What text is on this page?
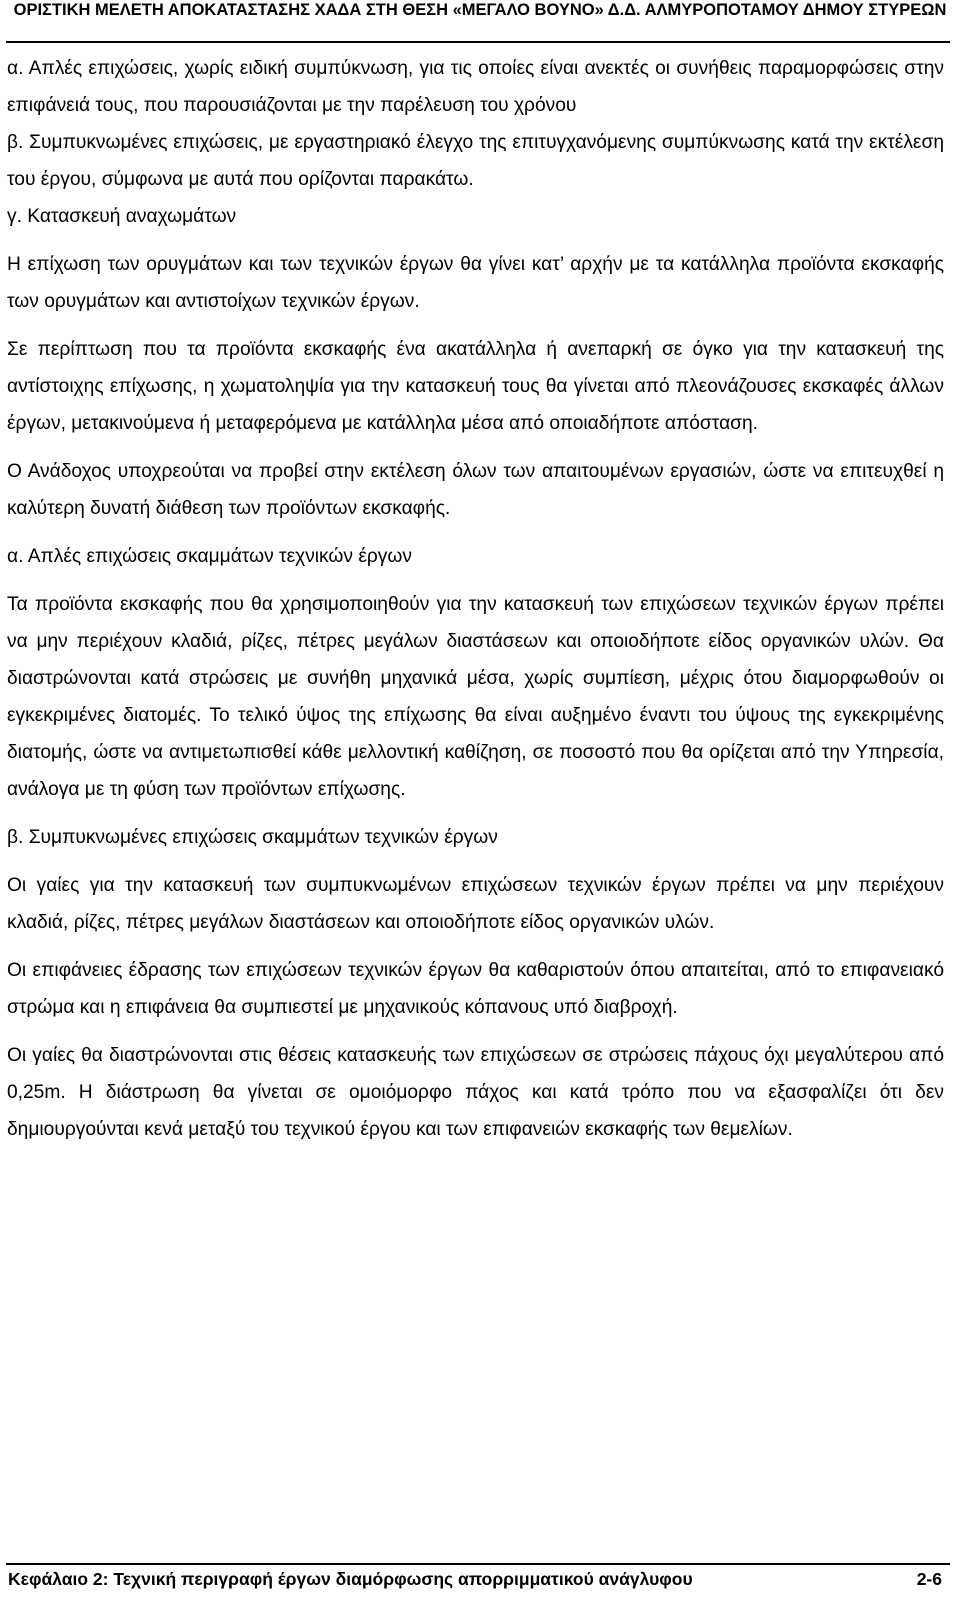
ΟΡΙΣΤΙΚΗ ΜΕΛΕΤΗ ΑΠΟΚΑΤΑΣΤΑΣΗΣ ΧΑΔΑ ΣΤΗ ΘΕΣΗ «ΜΕΓΑΛΟ ΒΟΥΝΟ» Δ.Δ. ΑΛΜΥΡΟΠΟΤΑΜΟΥ ΔΗΜΟΥ ΣΤΥΡΕΩΝ

α. Απλές επιχώσεις, χωρίς ειδική συμπύκνωση, για τις οποίες είναι ανεκτές οι συνήθεις παραμορφώσεις στην επιφάνειά τους, που παρουσιάζονται με την παρέλευση του χρόνου

β. Συμπυκνωμένες επιχώσεις, με εργαστηριακό έλεγχο της επιτυγχανόμενης συμπύκνωσης κατά την εκτέλεση του έργου, σύμφωνα με αυτά που ορίζονται παρακάτω.

γ. Κατασκευή αναχωμάτων

Η επίχωση των ορυγμάτων και των τεχνικών έργων θα γίνει κατ’ αρχήν με τα κατάλληλα προϊόντα εκσκαφής των ορυγμάτων και αντιστοίχων τεχνικών έργων.

Σε περίπτωση που τα προϊόντα εκσκαφής ένα ακατάλληλα ή ανεπαρκή σε όγκο για την κατασκευή της αντίστοιχης επίχωσης, η χωματοληψία για την κατασκευή τους θα γίνεται από πλεονάζουσες εκσκαφές άλλων έργων, μετακινούμενα ή μεταφερόμενα με κατάλληλα μέσα από οποιαδήποτε απόσταση.

Ο Ανάδοχος υποχρεούται να προβεί στην εκτέλεση όλων των απαιτουμένων εργασιών, ώστε να επιτευχθεί η καλύτερη δυνατή διάθεση των προϊόντων εκσκαφής.

α. Απλές επιχώσεις σκαμμάτων τεχνικών έργων

Τα προϊόντα εκσκαφής που θα χρησιμοποιηθούν για την κατασκευή των επιχώσεων τεχνικών έργων πρέπει να μην περιέχουν κλαδιά, ρίζες, πέτρες μεγάλων διαστάσεων και οποιοδήποτε είδος οργανικών υλών. Θα διαστρώνονται κατά στρώσεις με συνήθη μηχανικά μέσα, χωρίς συμπίεση, μέχρις ότου διαμορφωθούν οι εγκεκριμένες διατομές. Το τελικό ύψος της επίχωσης θα είναι αυξημένο έναντι του ύψους της εγκεκριμένης διατομής, ώστε να αντιμετωπισθεί κάθε μελλοντική καθίζηση, σε ποσοστό που θα ορίζεται από την Υπηρεσία, ανάλογα με τη φύση των προϊόντων επίχωσης.

β. Συμπυκνωμένες επιχώσεις σκαμμάτων τεχνικών έργων

Οι γαίες για την κατασκευή των συμπυκνωμένων επιχώσεων τεχνικών έργων πρέπει να μην περιέχουν κλαδιά, ρίζες, πέτρες μεγάλων διαστάσεων και οποιοδήποτε είδος οργανικών υλών.

Οι επιφάνειες έδρασης των επιχώσεων τεχνικών έργων θα καθαριστούν όπου απαιτείται, από το επιφανειακό στρώμα και η επιφάνεια θα συμπιεστεί με μηχανικούς κόπανους υπό διαβροχή.

Οι γαίες θα διαστρώνονται στις θέσεις κατασκευής των επιχώσεων σε στρώσεις πάχους όχι μεγαλύτερου από 0,25m. Η διάστρωση θα γίνεται σε ομοιόμορφο πάχος και κατά τρόπο που να εξασφαλίζει ότι δεν δημιουργούνται κενά μεταξύ του τεχνικού έργου και των επιφανειών εκσκαφής των θεμελίων.

Κεφάλαιο 2: Τεχνική περιγραφή έργων διαμόρφωσης απορριμματικού ανάγλυφου	2-6
